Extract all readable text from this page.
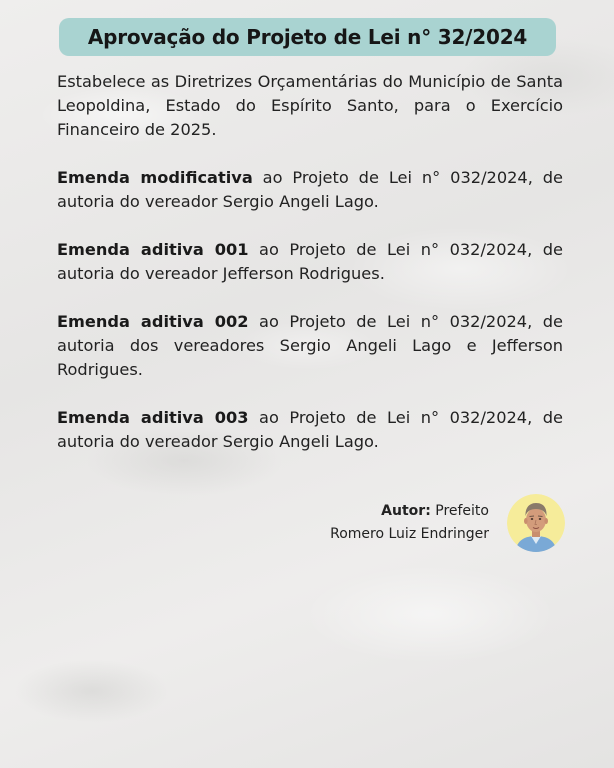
Aprovação do Projeto de Lei n° 32/2024

Estabelece as Diretrizes Orçamentárias do Município de Santa Leopoldina, Estado do Espírito Santo, para o Exercício Financeiro de 2025.

Emenda modificativa ao Projeto de Lei n° 032/2024, de autoria do vereador Sergio Angeli Lago.

Emenda aditiva 001 ao Projeto de Lei n° 032/2024, de autoria do vereador Jefferson Rodrigues.

Emenda aditiva 002 ao Projeto de Lei n° 032/2024, de autoria dos vereadores Sergio Angeli Lago e Jefferson Rodrigues.

Emenda aditiva 003 ao Projeto de Lei n° 032/2024, de autoria do vereador Sergio Angeli Lago.

Autor: Prefeito
Romero Luiz Endringer
